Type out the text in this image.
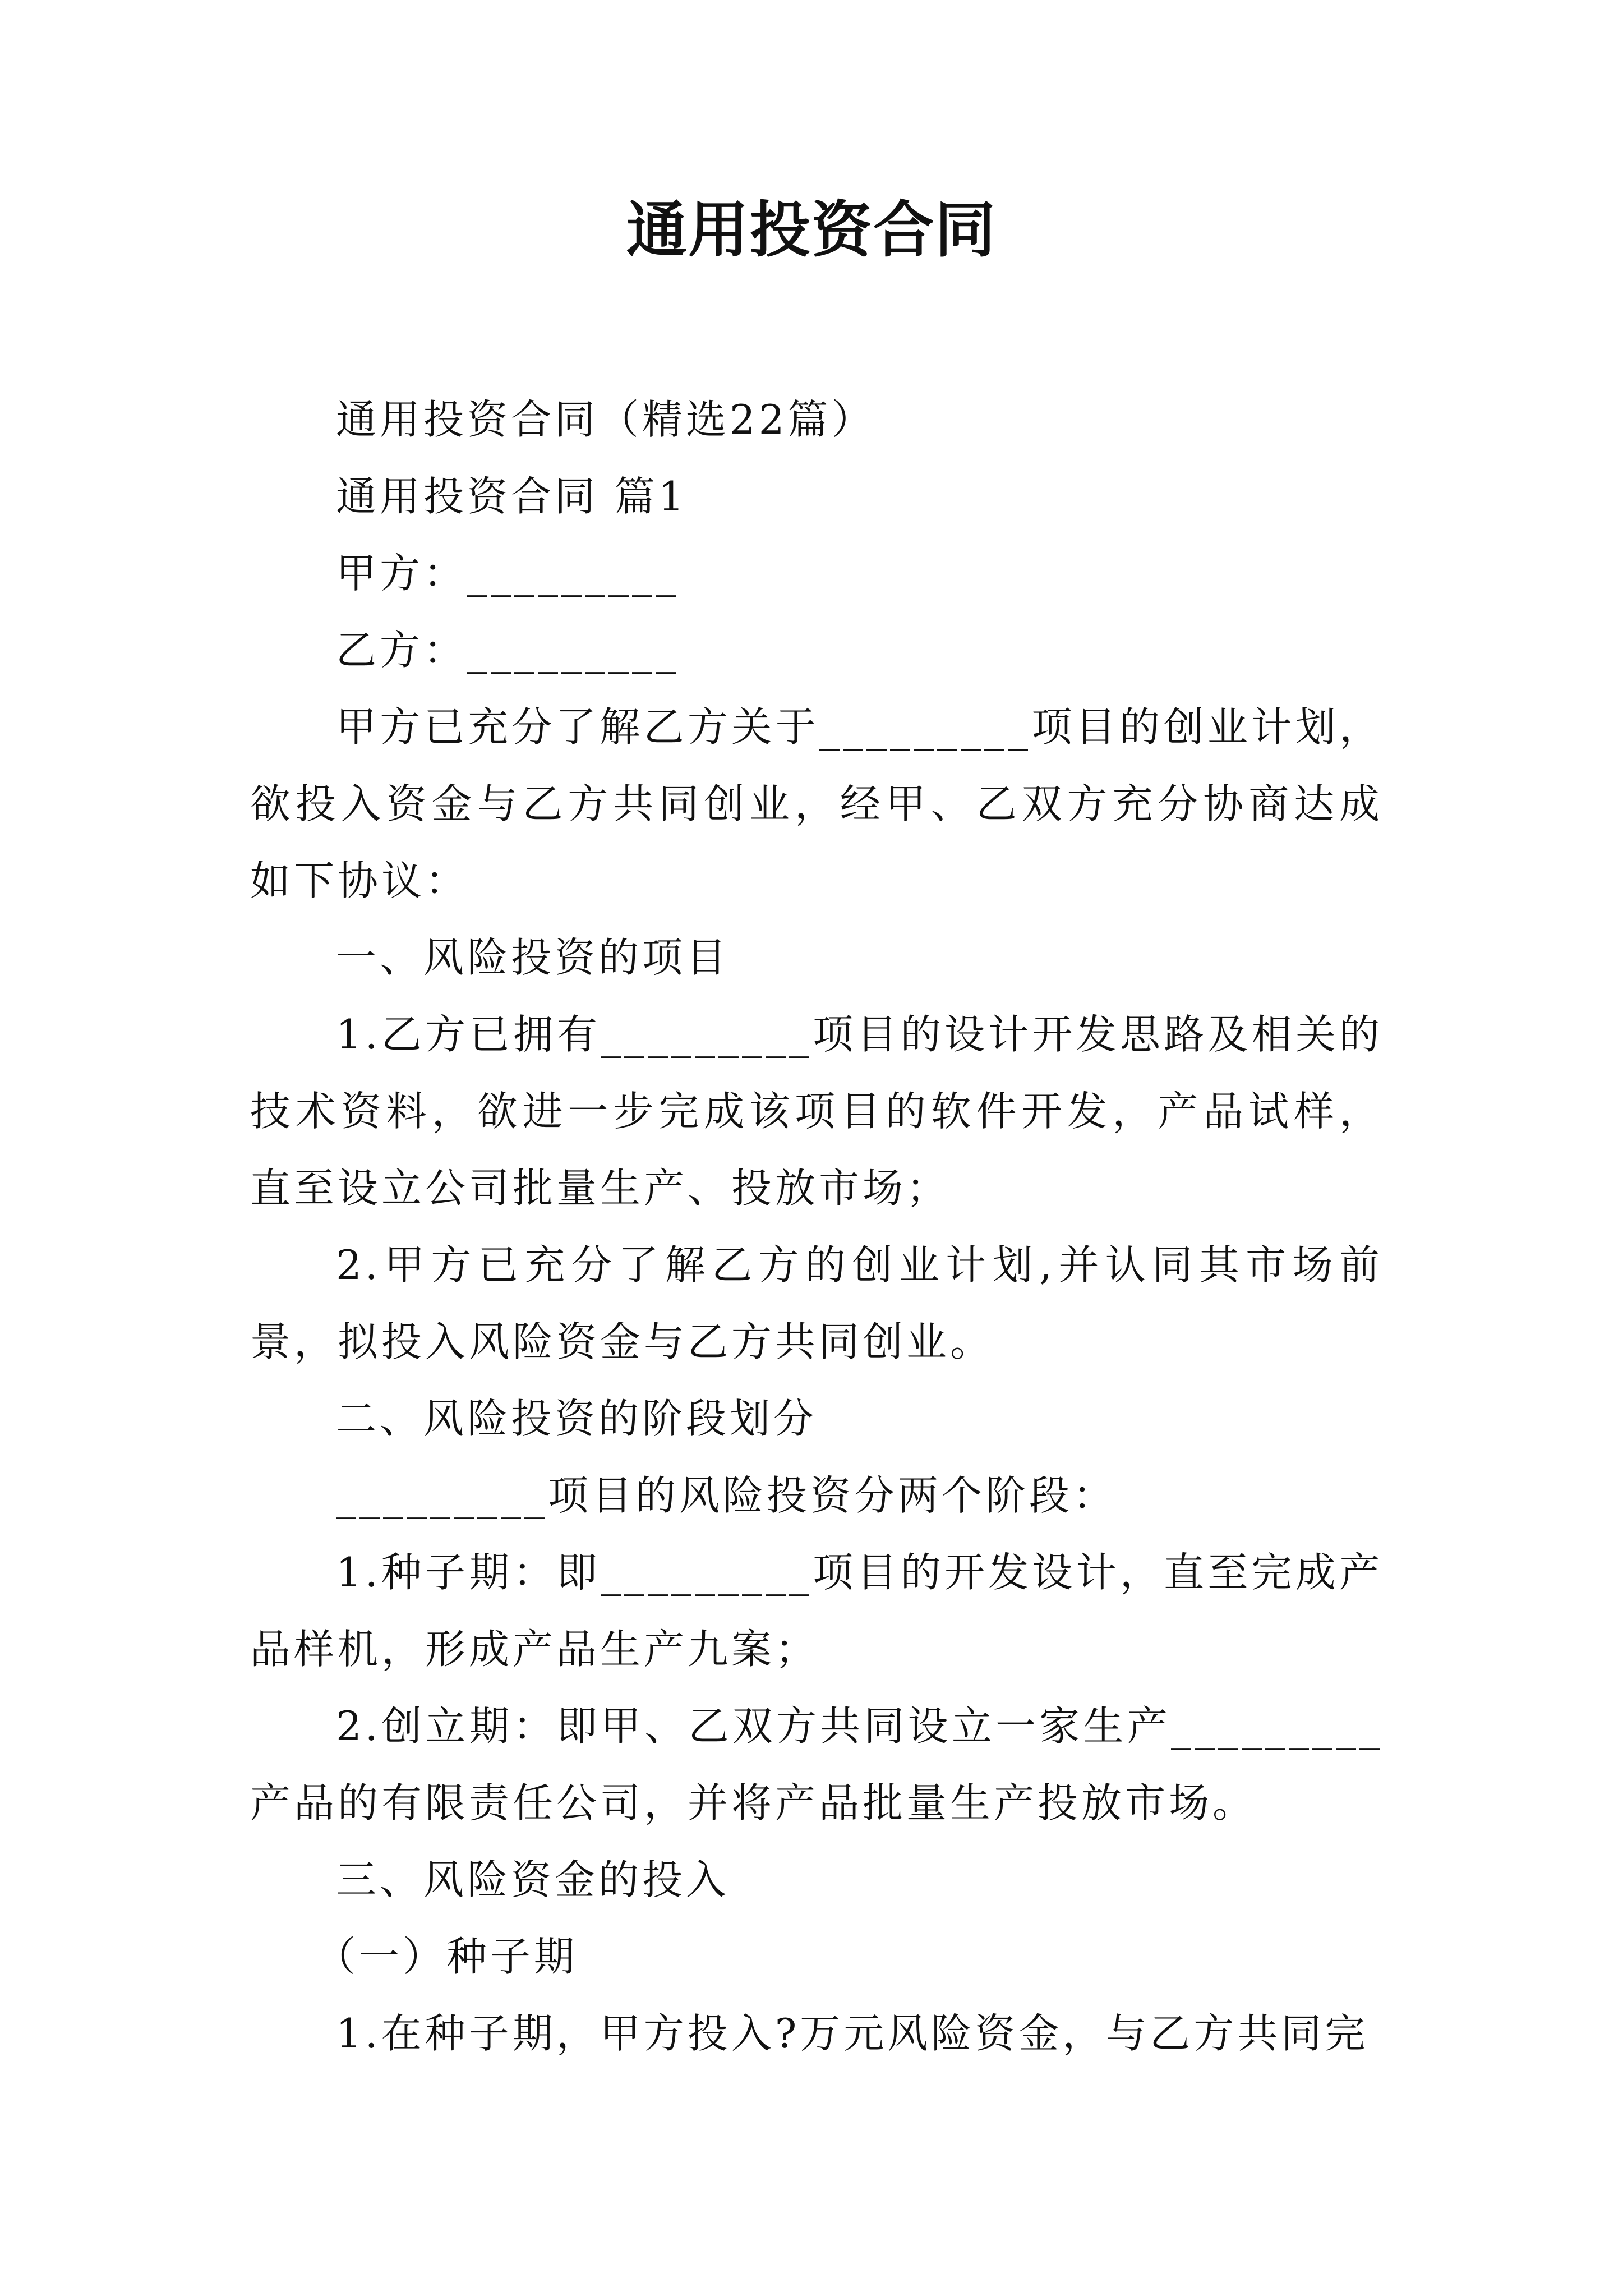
通用投资合同

通用投资合同（精选22篇）

通用投资合同 篇1

甲方：_________

乙方：_________

甲方已充分了解乙方关于_________项目的创业计划，欲投入资金与乙方共同创业，经甲、乙双方充分协商达成如下协议：

一、风险投资的项目

1.乙方已拥有_________项目的设计开发思路及相关的技术资料，欲进一步完成该项目的软件开发，产品试样，直至设立公司批量生产、投放市场；

2.甲方已充分了解乙方的创业计划,并认同其市场前景，拟投入风险资金与乙方共同创业。

二、风险投资的阶段划分

_________项目的风险投资分两个阶段：

1.种子期：即_________项目的开发设计，直至完成产品样机，形成产品生产九案；

2.创立期：即甲、乙双方共同设立一家生产_________产品的有限责任公司，并将产品批量生产投放市场。

三、风险资金的投入

（一）种子期

1.在种子期，甲方投入?万元风险资金，与乙方共同完
